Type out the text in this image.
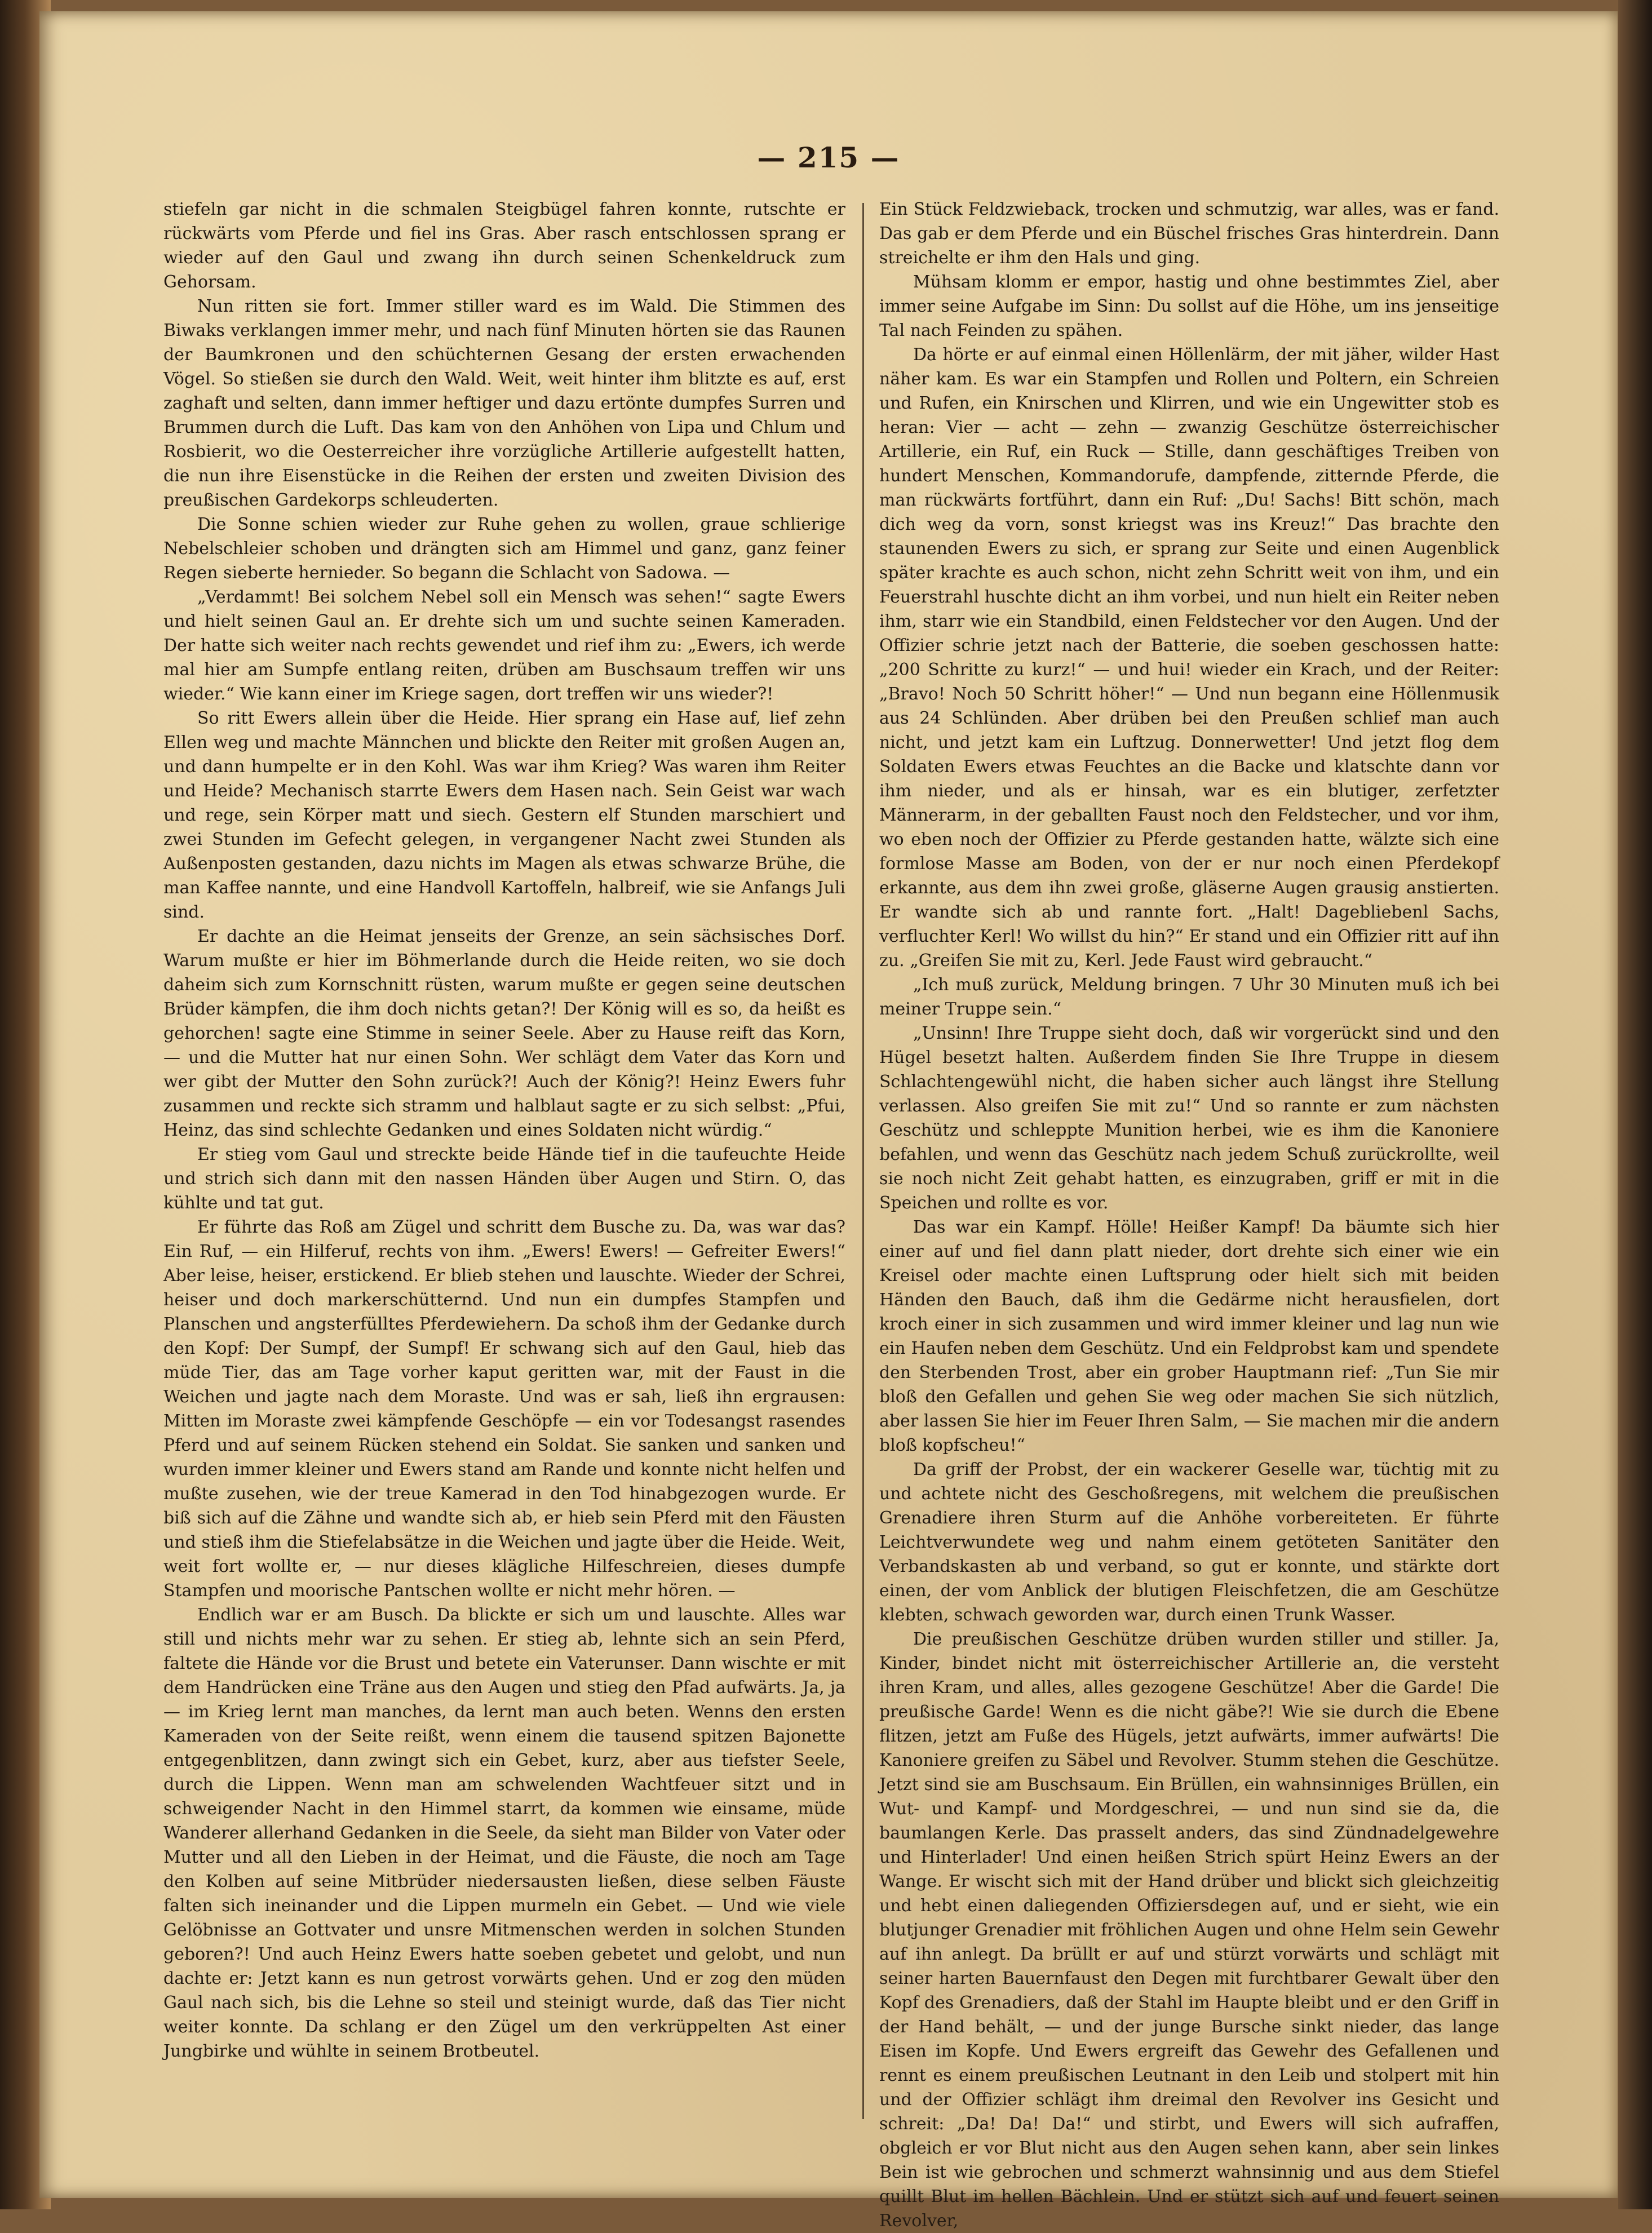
— 215 —

stiefeln gar nicht in die schmalen Steigbügel fahren konnte, rutschte er rückwärts vom Pferde und fiel ins Gras. Aber rasch entschlossen sprang er wieder auf den Gaul und zwang ihn durch seinen Schenkeldruck zum Gehorsam.

Nun ritten sie fort. Immer stiller ward es im Wald. Die Stimmen des Biwaks verklangen immer mehr, und nach fünf Minuten hörten sie das Raunen der Baumkronen und den schüchternen Gesang der ersten erwachenden Vögel. So stießen sie durch den Wald. Weit, weit hinter ihm blitzte es auf, erst zaghaft und selten, dann immer heftiger und dazu ertönte dumpfes Surren und Brummen durch die Luft. Das kam von den Anhöhen von Lipa und Chlum und Rosbierit, wo die Oesterreicher ihre vorzügliche Artillerie aufgestellt hatten, die nun ihre Eisenstücke in die Reihen der ersten und zweiten Division des preußischen Gardekorps schleuderten.

Die Sonne schien wieder zur Ruhe gehen zu wollen, graue schlierige Nebelschleier schoben und drängten sich am Himmel und ganz, ganz feiner Regen sieberte hernieder. So begann die Schlacht von Sadowa. —

„Verdammt! Bei solchem Nebel soll ein Mensch was sehen!“ sagte Ewers und hielt seinen Gaul an. Er drehte sich um und suchte seinen Kameraden. Der hatte sich weiter nach rechts gewendet und rief ihm zu: „Ewers, ich werde mal hier am Sumpfe entlang reiten, drüben am Buschsaum treffen wir uns wieder.“ Wie kann einer im Kriege sagen, dort treffen wir uns wieder?!

So ritt Ewers allein über die Heide. Hier sprang ein Hase auf, lief zehn Ellen weg und machte Männchen und blickte den Reiter mit großen Augen an, und dann humpelte er in den Kohl. Was war ihm Krieg? Was waren ihm Reiter und Heide? Mechanisch starrte Ewers dem Hasen nach. Sein Geist war wach und rege, sein Körper matt und siech. Gestern elf Stunden marschiert und zwei Stunden im Gefecht gelegen, in vergangener Nacht zwei Stunden als Außenposten gestanden, dazu nichts im Magen als etwas schwarze Brühe, die man Kaffee nannte, und eine Handvoll Kartoffeln, halbreif, wie sie Anfangs Juli sind.

Er dachte an die Heimat jenseits der Grenze, an sein sächsisches Dorf. Warum mußte er hier im Böhmerlande durch die Heide reiten, wo sie doch daheim sich zum Kornschnitt rüsten, warum mußte er gegen seine deutschen Brüder kämpfen, die ihm doch nichts getan?! Der König will es so, da heißt es gehorchen! sagte eine Stimme in seiner Seele. Aber zu Hause reift das Korn, — und die Mutter hat nur einen Sohn. Wer schlägt dem Vater das Korn und wer gibt der Mutter den Sohn zurück?! Auch der König?! Heinz Ewers fuhr zusammen und reckte sich stramm und halblaut sagte er zu sich selbst: „Pfui, Heinz, das sind schlechte Gedanken und eines Soldaten nicht würdig.“

Er stieg vom Gaul und streckte beide Hände tief in die taufeuchte Heide und strich sich dann mit den nassen Händen über Augen und Stirn. O, das kühlte und tat gut.

Er führte das Roß am Zügel und schritt dem Busche zu. Da, was war das? Ein Ruf, — ein Hilferuf, rechts von ihm. „Ewers! Ewers! — Gefreiter Ewers!“ Aber leise, heiser, erstickend. Er blieb stehen und lauschte. Wieder der Schrei, heiser und doch markerschütternd. Und nun ein dumpfes Stampfen und Planschen und angsterfülltes Pferdewiehern. Da schoß ihm der Gedanke durch den Kopf: Der Sumpf, der Sumpf! Er schwang sich auf den Gaul, hieb das müde Tier, das am Tage vorher kaput geritten war, mit der Faust in die Weichen und jagte nach dem Moraste. Und was er sah, ließ ihn ergrausen: Mitten im Moraste zwei kämpfende Geschöpfe — ein vor Todesangst rasendes Pferd und auf seinem Rücken stehend ein Soldat. Sie sanken und sanken und wurden immer kleiner und Ewers stand am Rande und konnte nicht helfen und mußte zusehen, wie der treue Kamerad in den Tod hinabgezogen wurde. Er biß sich auf die Zähne und wandte sich ab, er hieb sein Pferd mit den Fäusten und stieß ihm die Stiefelabsätze in die Weichen und jagte über die Heide. Weit, weit fort wollte er, — nur dieses klägliche Hilfeschreien, dieses dumpfe Stampfen und moorische Pantschen wollte er nicht mehr hören. —

Endlich war er am Busch. Da blickte er sich um und lauschte. Alles war still und nichts mehr war zu sehen. Er stieg ab, lehnte sich an sein Pferd, faltete die Hände vor die Brust und betete ein Vaterunser. Dann wischte er mit dem Handrücken eine Träne aus den Augen und stieg den Pfad aufwärts. Ja, ja — im Krieg lernt man manches, da lernt man auch beten. Wenns den ersten Kameraden von der Seite reißt, wenn einem die tausend spitzen Bajonette entgegenblitzen, dann zwingt sich ein Gebet, kurz, aber aus tiefster Seele, durch die Lippen. Wenn man am schwelenden Wachtfeuer sitzt und in schweigender Nacht in den Himmel starrt, da kommen wie einsame, müde Wanderer allerhand Gedanken in die Seele, da sieht man Bilder von Vater oder Mutter und all den Lieben in der Heimat, und die Fäuste, die noch am Tage den Kolben auf seine Mitbrüder niedersausten ließen, diese selben Fäuste falten sich ineinander und die Lippen murmeln ein Gebet. — Und wie viele Gelöbnisse an Gottvater und unsre Mitmenschen werden in solchen Stunden geboren?! Und auch Heinz Ewers hatte soeben gebetet und gelobt, und nun dachte er: Jetzt kann es nun getrost vorwärts gehen. Und er zog den müden Gaul nach sich, bis die Lehne so steil und steinigt wurde, daß das Tier nicht weiter konnte. Da schlang er den Zügel um den verkrüppelten Ast einer Jungbirke und wühlte in seinem Brotbeutel.

Ein Stück Feldzwieback, trocken und schmutzig, war alles, was er fand. Das gab er dem Pferde und ein Büschel frisches Gras hinterdrein. Dann streichelte er ihm den Hals und ging.

Mühsam klomm er empor, hastig und ohne bestimmtes Ziel, aber immer seine Aufgabe im Sinn: Du sollst auf die Höhe, um ins jenseitige Tal nach Feinden zu spähen.

Da hörte er auf einmal einen Höllenlärm, der mit jäher, wilder Hast näher kam. Es war ein Stampfen und Rollen und Poltern, ein Schreien und Rufen, ein Knirschen und Klirren, und wie ein Ungewitter stob es heran: Vier — acht — zehn — zwanzig Geschütze österreichischer Artillerie, ein Ruf, ein Ruck — Stille, dann geschäftiges Treiben von hundert Menschen, Kommandorufe, dampfende, zitternde Pferde, die man rückwärts fortführt, dann ein Ruf: „Du! Sachs! Bitt schön, mach dich weg da vorn, sonst kriegst was ins Kreuz!“ Das brachte den staunenden Ewers zu sich, er sprang zur Seite und einen Augenblick später krachte es auch schon, nicht zehn Schritt weit von ihm, und ein Feuerstrahl huschte dicht an ihm vorbei, und nun hielt ein Reiter neben ihm, starr wie ein Standbild, einen Feldstecher vor den Augen. Und der Offizier schrie jetzt nach der Batterie, die soeben geschossen hatte: „200 Schritte zu kurz!“ — und hui! wieder ein Krach, und der Reiter: „Bravo! Noch 50 Schritt höher!“ — Und nun begann eine Höllenmusik aus 24 Schlünden. Aber drüben bei den Preußen schlief man auch nicht, und jetzt kam ein Luftzug. Donnerwetter! Und jetzt flog dem Soldaten Ewers etwas Feuchtes an die Backe und klatschte dann vor ihm nieder, und als er hinsah, war es ein blutiger, zerfetzter Männerarm, in der geballten Faust noch den Feldstecher, und vor ihm, wo eben noch der Offizier zu Pferde gestanden hatte, wälzte sich eine formlose Masse am Boden, von der er nur noch einen Pferdekopf erkannte, aus dem ihn zwei große, gläserne Augen grausig anstierten. Er wandte sich ab und rannte fort. „Halt! Dagebliebenl Sachs, verfluchter Kerl! Wo willst du hin?“ Er stand und ein Offizier ritt auf ihn zu. „Greifen Sie mit zu, Kerl. Jede Faust wird gebraucht.“

„Ich muß zurück, Meldung bringen. 7 Uhr 30 Minuten muß ich bei meiner Truppe sein.“

„Unsinn! Ihre Truppe sieht doch, daß wir vorgerückt sind und den Hügel besetzt halten. Außerdem finden Sie Ihre Truppe in diesem Schlachtengewühl nicht, die haben sicher auch längst ihre Stellung verlassen. Also greifen Sie mit zu!“ Und so rannte er zum nächsten Geschütz und schleppte Munition herbei, wie es ihm die Kanoniere befahlen, und wenn das Geschütz nach jedem Schuß zurückrollte, weil sie noch nicht Zeit gehabt hatten, es einzugraben, griff er mit in die Speichen und rollte es vor.

Das war ein Kampf. Hölle! Heißer Kampf! Da bäumte sich hier einer auf und fiel dann platt nieder, dort drehte sich einer wie ein Kreisel oder machte einen Luftsprung oder hielt sich mit beiden Händen den Bauch, daß ihm die Gedärme nicht herausfielen, dort kroch einer in sich zusammen und wird immer kleiner und lag nun wie ein Haufen neben dem Geschütz. Und ein Feldprobst kam und spendete den Sterbenden Trost, aber ein grober Hauptmann rief: „Tun Sie mir bloß den Gefallen und gehen Sie weg oder machen Sie sich nützlich, aber lassen Sie hier im Feuer Ihren Salm, — Sie machen mir die andern bloß kopfscheu!“

Da griff der Probst, der ein wackerer Geselle war, tüchtig mit zu und achtete nicht des Geschoßregens, mit welchem die preußischen Grenadiere ihren Sturm auf die Anhöhe vorbereiteten. Er führte Leichtverwundete weg und nahm einem getöteten Sanitäter den Verbandskasten ab und verband, so gut er konnte, und stärkte dort einen, der vom Anblick der blutigen Fleischfetzen, die am Geschütze klebten, schwach geworden war, durch einen Trunk Wasser.

Die preußischen Geschütze drüben wurden stiller und stiller. Ja, Kinder, bindet nicht mit österreichischer Artillerie an, die versteht ihren Kram, und alles, alles gezogene Geschütze! Aber die Garde! Die preußische Garde! Wenn es die nicht gäbe?! Wie sie durch die Ebene flitzen, jetzt am Fuße des Hügels, jetzt aufwärts, immer aufwärts! Die Kanoniere greifen zu Säbel und Revolver. Stumm stehen die Geschütze. Jetzt sind sie am Buschsaum. Ein Brüllen, ein wahnsinniges Brüllen, ein Wut- und Kampf- und Mordgeschrei, — und nun sind sie da, die baumlangen Kerle. Das prasselt anders, das sind Zündnadelgewehre und Hinterlader! Und einen heißen Strich spürt Heinz Ewers an der Wange. Er wischt sich mit der Hand drüber und blickt sich gleichzeitig und hebt einen daliegenden Offiziersdegen auf, und er sieht, wie ein blutjunger Grenadier mit fröhlichen Augen und ohne Helm sein Gewehr auf ihn anlegt. Da brüllt er auf und stürzt vorwärts und schlägt mit seiner harten Bauernfaust den Degen mit furchtbarer Gewalt über den Kopf des Grenadiers, daß der Stahl im Haupte bleibt und er den Griff in der Hand behält, — und der junge Bursche sinkt nieder, das lange Eisen im Kopfe. Und Ewers ergreift das Gewehr des Gefallenen und rennt es einem preußischen Leutnant in den Leib und stolpert mit hin und der Offizier schlägt ihm dreimal den Revolver ins Gesicht und schreit: „Da! Da! Da!“ und stirbt, und Ewers will sich aufraffen, obgleich er vor Blut nicht aus den Augen sehen kann, aber sein linkes Bein ist wie gebrochen und schmerzt wahnsinnig und aus dem Stiefel quillt Blut im hellen Bächlein. Und er stützt sich auf und feuert seinen Revolver,
